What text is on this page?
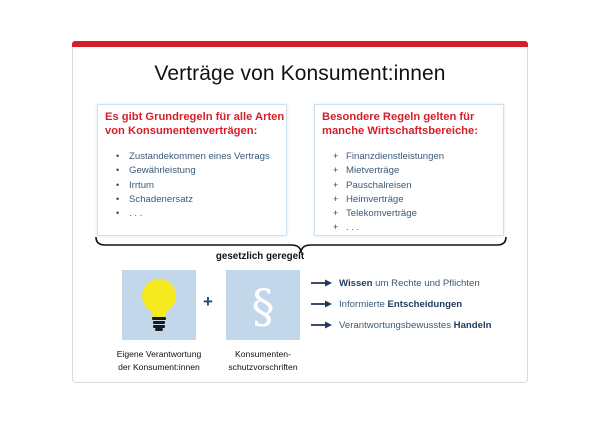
Verträge von Konsument:innen
Es gibt Grundregeln für alle Arten
von Konsumentenverträgen:
• Zustandekommen eines Vertrags
• Gewährleistung
• Irrtum
• Schadenersatz
• . . .
Besondere Regeln gelten für
manche Wirtschaftsbereiche:
+ Finanzdienstleistungen
+ Mietverträge
+ Pauschalreisen
+ Heimverträge
+ Telekomverträge
+ . . .
gesetzlich geregelt
+ §
Eigene Verantwortung
der Konsument:innen
Konsumenten-
schutzvorschriften
Wissen um Rechte und Pflichten
Informierte Entscheidungen
Verantwortungsbewusstes Handeln
